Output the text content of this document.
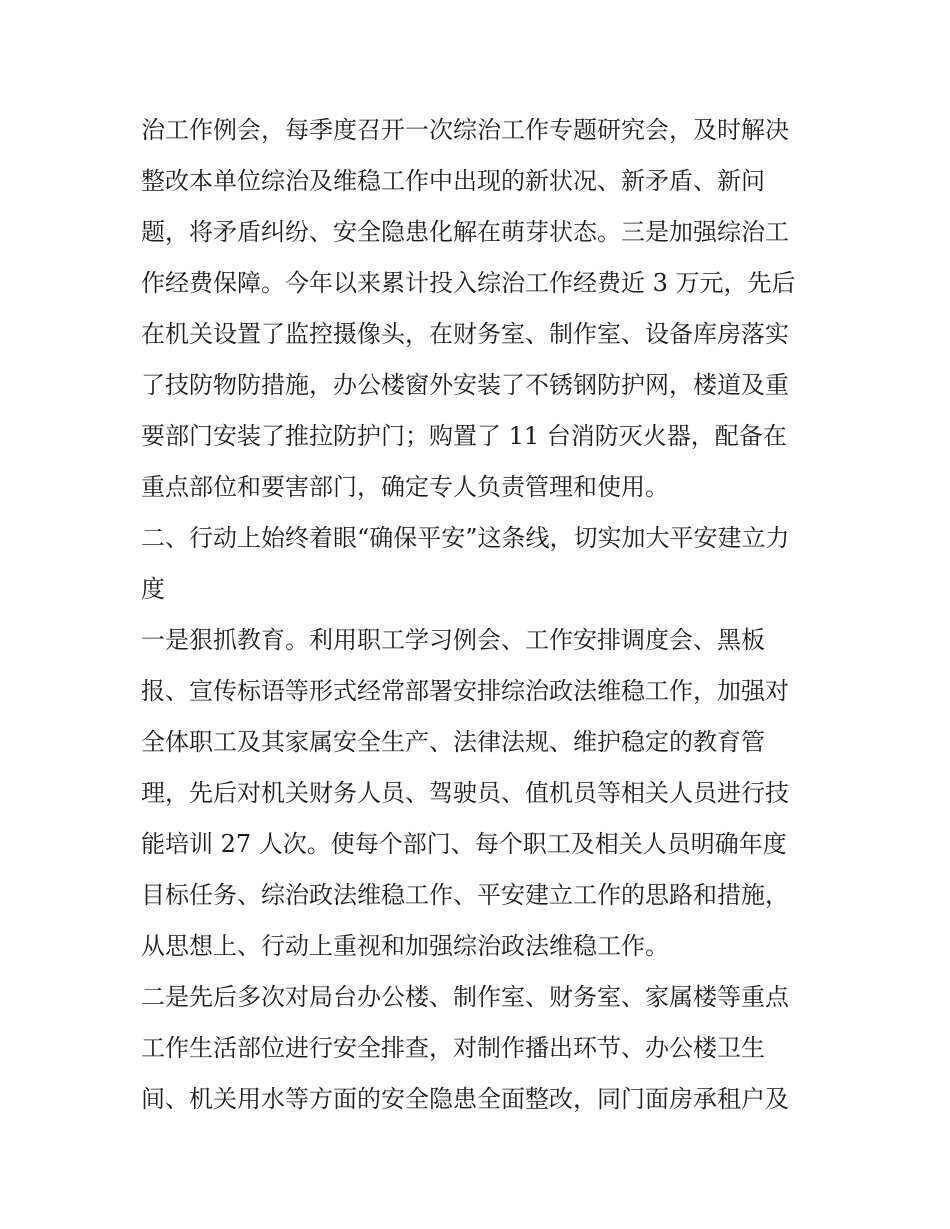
治工作例会，每季度召开一次综治工作专题研究会，及时解决
整改本单位综治及维稳工作中出现的新状况、新矛盾、新问
题，将矛盾纠纷、安全隐患化解在萌芽状态。三是加强综治工
作经费保障。今年以来累计投入综治工作经费近 3 万元，先后
在机关设置了监控摄像头，在财务室、制作室、设备库房落实
了技防物防措施，办公楼窗外安装了不锈钢防护网，楼道及重
要部门安装了推拉防护门；购置了 11 台消防灭火器，配备在
重点部位和要害部门，确定专人负责管理和使用。
二、行动上始终着眼“确保平安”这条线，切实加大平安建立力
度
一是狠抓教育。利用职工学习例会、工作安排调度会、黑板
报、宣传标语等形式经常部署安排综治政法维稳工作，加强对
全体职工及其家属安全生产、法律法规、维护稳定的教育管
理，先后对机关财务人员、驾驶员、值机员等相关人员进行技
能培训 27 人次。使每个部门、每个职工及相关人员明确年度
目标任务、综治政法维稳工作、平安建立工作的思路和措施，
从思想上、行动上重视和加强综治政法维稳工作。
二是先后多次对局台办公楼、制作室、财务室、家属楼等重点
工作生活部位进行安全排查，对制作播出环节、办公楼卫生
间、机关用水等方面的安全隐患全面整改，同门面房承租户及
